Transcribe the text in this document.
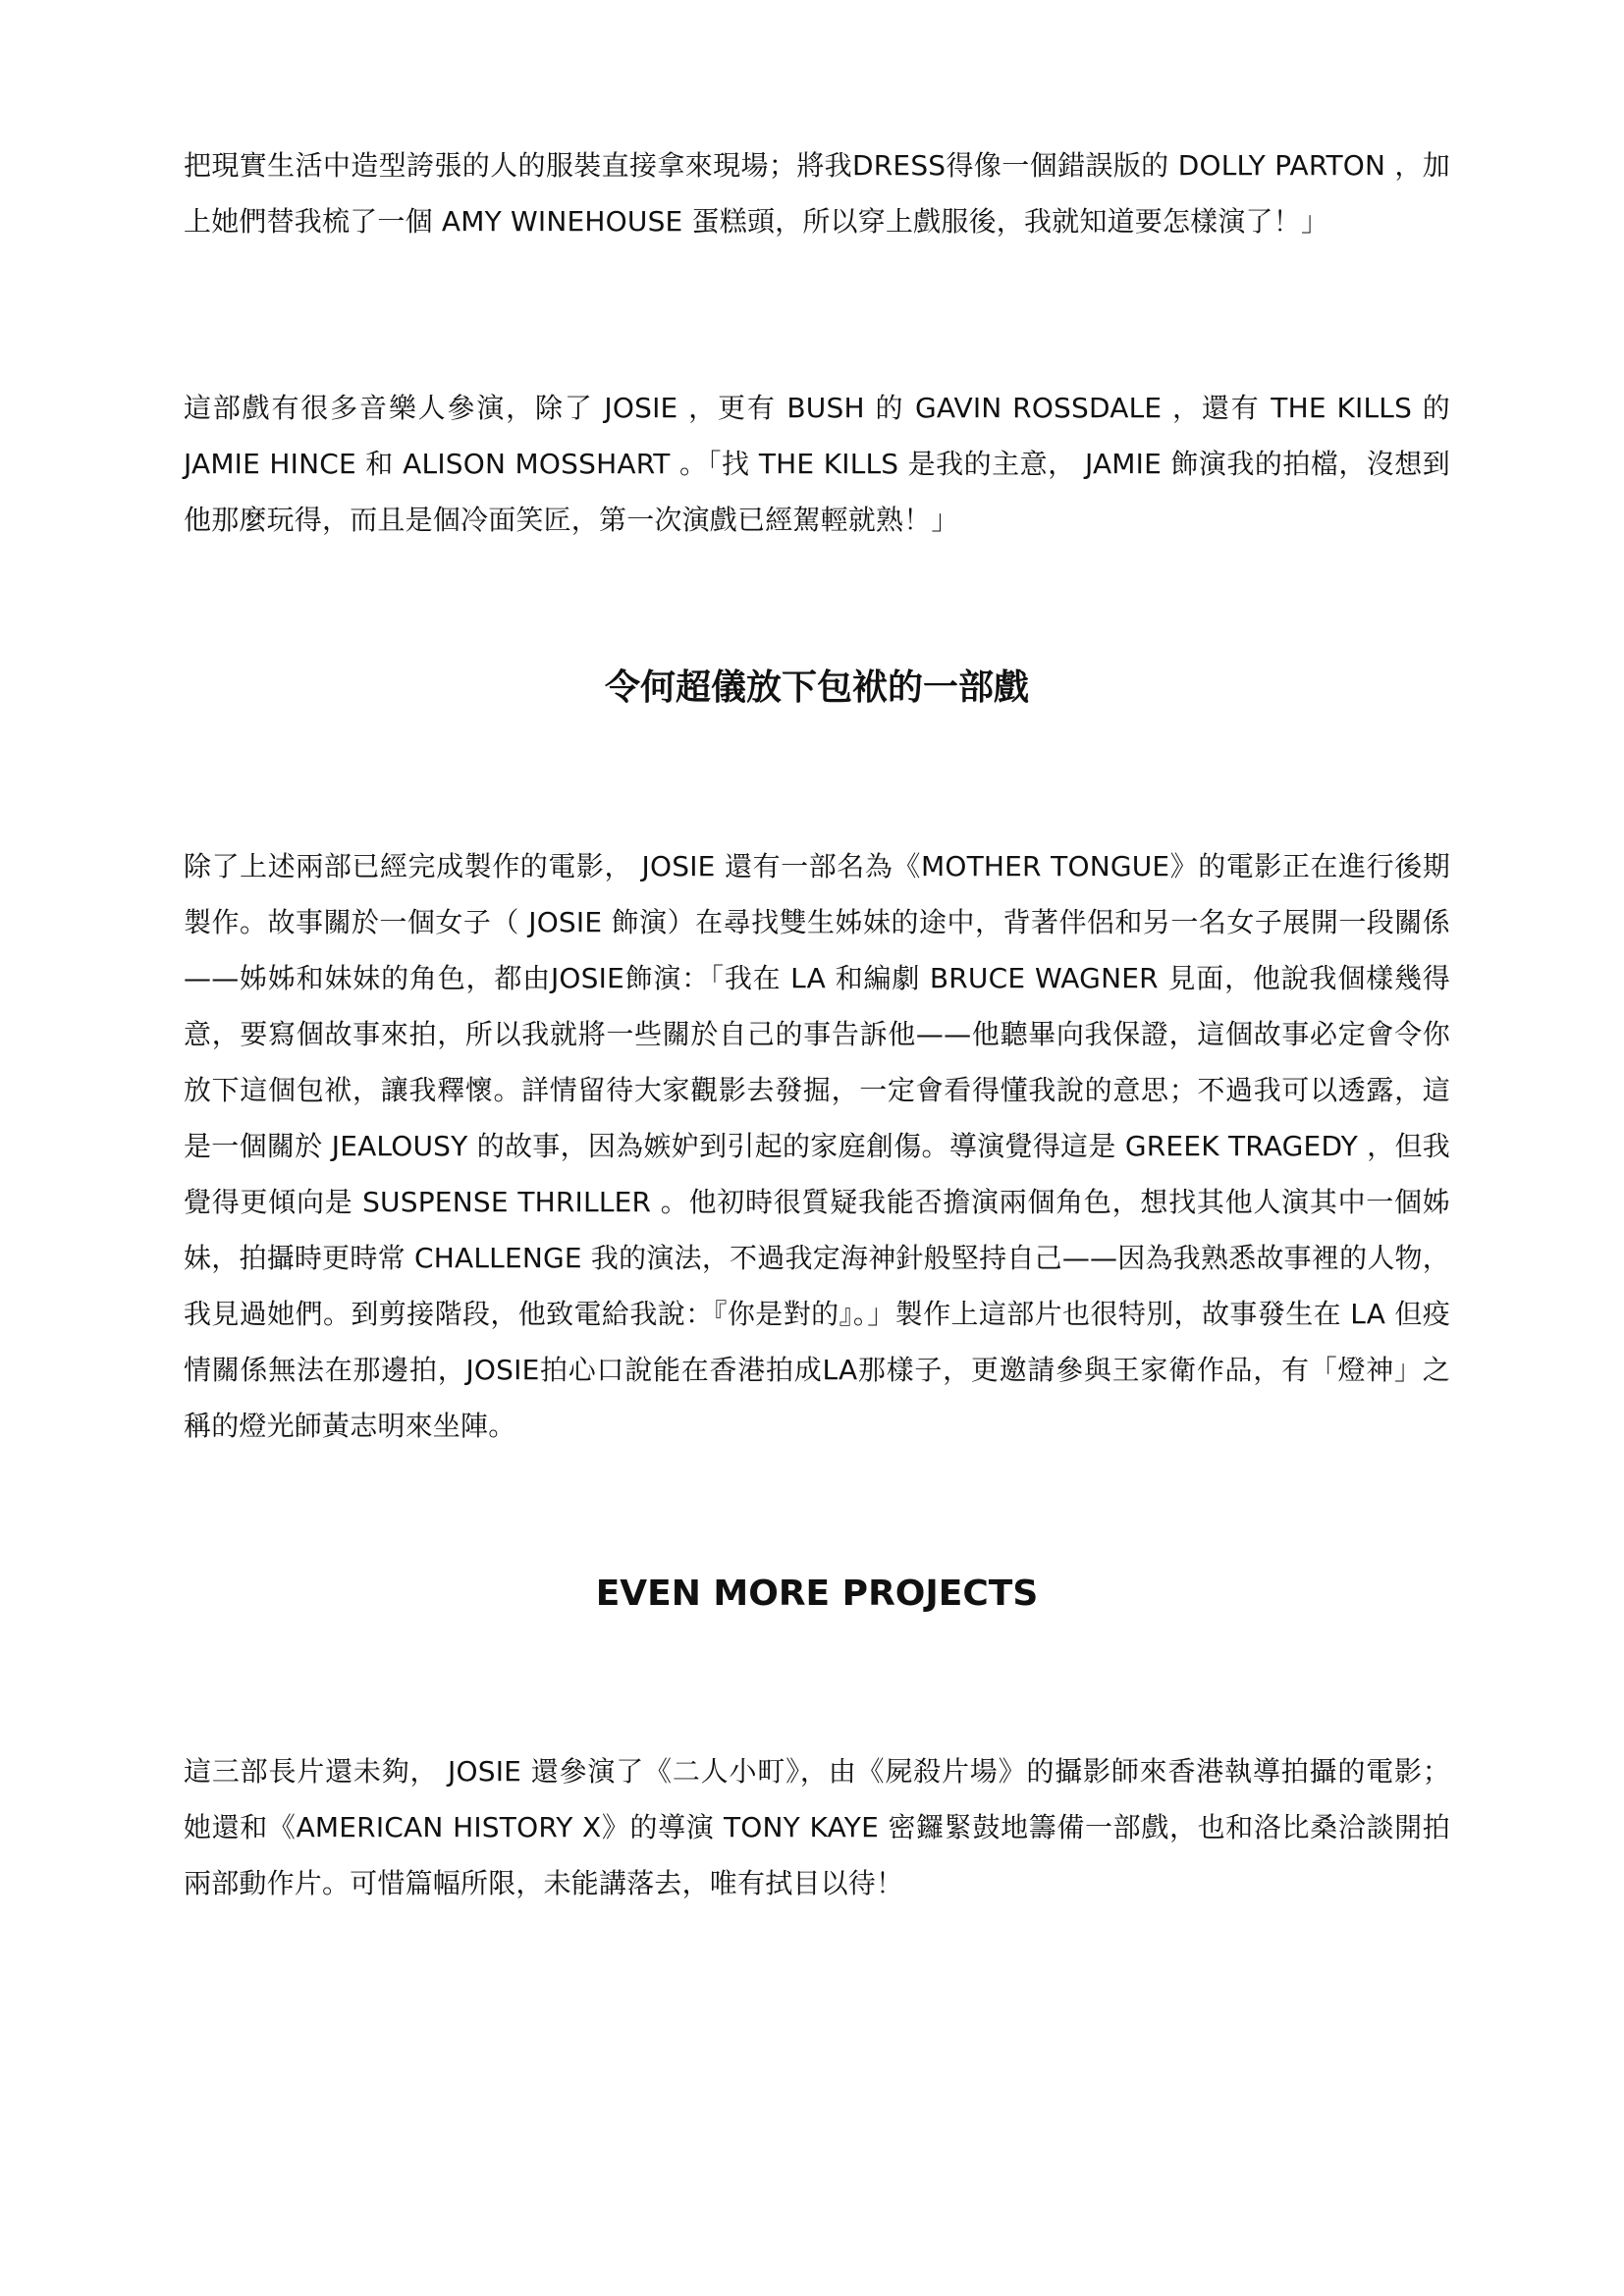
把現實生活中造型誇張的人的服裝直接拿來現場；將我DRESS得像一個錯誤版的 DOLLY PARTON ，加上她們替我梳了一個 AMY WINEHOUSE 蛋糕頭，所以穿上戲服後，我就知道要怎樣演了！」

這部戲有很多音樂人參演，除了 JOSIE ，更有 BUSH 的 GAVIN ROSSDALE ，還有 THE KILLS 的 JAMIE HINCE 和 ALISON MOSSHART 。「找 THE KILLS 是我的主意， JAMIE 飾演我的拍檔，沒想到他那麼玩得，而且是個冷面笑匠，第一次演戲已經駕輕就熟！」

令何超儀放下包袱的一部戲

除了上述兩部已經完成製作的電影， JOSIE 還有一部名為《MOTHER TONGUE》的電影正在進行後期製作。故事關於一個女子（ JOSIE 飾演）在尋找雙生姊妹的途中，背著伴侶和另一名女子展開一段關係——姊姊和妹妹的角色，都由JOSIE飾演：「我在 LA 和編劇 BRUCE WAGNER 見面，他說我個樣幾得意，要寫個故事來拍，所以我就將一些關於自己的事告訴他——他聽畢向我保證，這個故事必定會令你放下這個包袱，讓我釋懷。詳情留待大家觀影去發掘，一定會看得懂我說的意思；不過我可以透露，這是一個關於 JEALOUSY 的故事，因為嫉妒到引起的家庭創傷。導演覺得這是 GREEK TRAGEDY ，但我覺得更傾向是 SUSPENSE THRILLER 。他初時很質疑我能否擔演兩個角色，想找其他人演其中一個姊妹，拍攝時更時常 CHALLENGE 我的演法，不過我定海神針般堅持自己——因為我熟悉故事裡的人物，我見過她們。到剪接階段，他致電給我說：『你是對的』。」製作上這部片也很特別，故事發生在 LA 但疫情關係無法在那邊拍，JOSIE拍心口說能在香港拍成LA那樣子，更邀請參與王家衛作品，有「燈神」之稱的燈光師黃志明來坐陣。

EVEN MORE PROJECTS

這三部長片還未夠， JOSIE 還參演了《二人小町》，由《屍殺片場》的攝影師來香港執導拍攝的電影；她還和《AMERICAN HISTORY X》的導演 TONY KAYE 密鑼緊鼓地籌備一部戲，也和洛比桑洽談開拍兩部動作片。可惜篇幅所限，未能講落去，唯有拭目以待！
